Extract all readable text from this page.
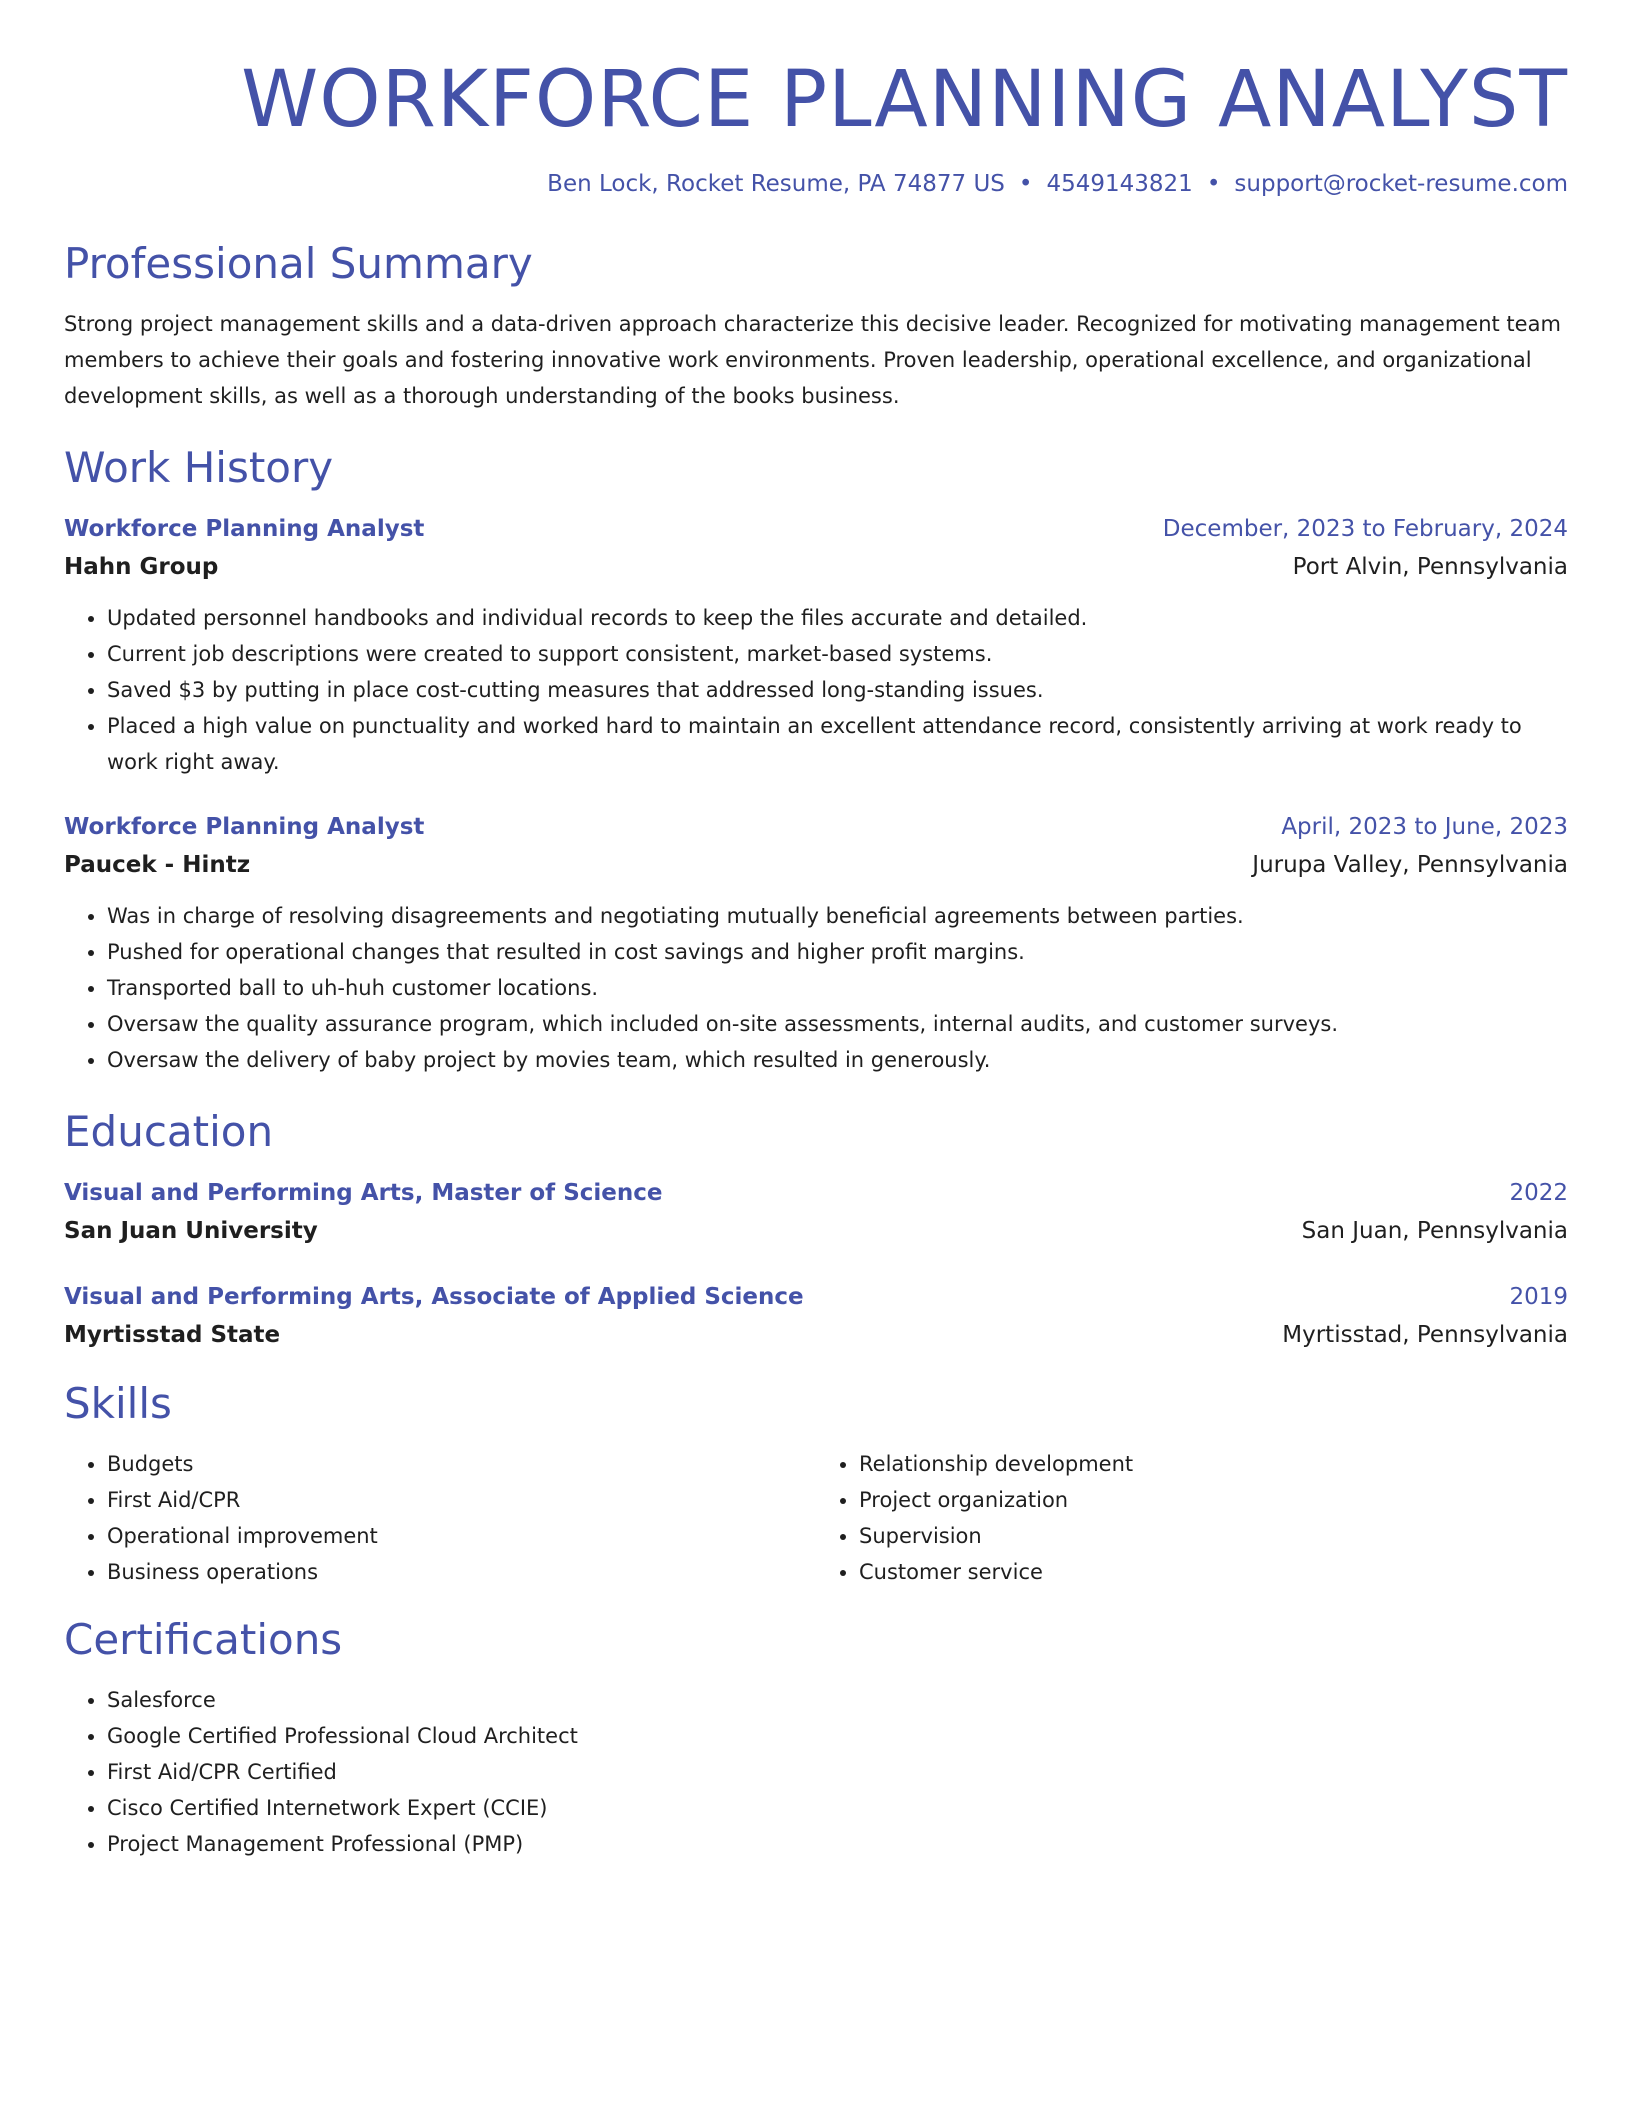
WORKFORCE PLANNING ANALYST
Ben Lock, Rocket Resume, PA 74877 US • 4549143821 • support@rocket-resume.com
Professional Summary

Strong project management skills and a data-driven approach characterize this decisive leader. Recognized for motivating management team members to achieve their goals and fostering innovative work environments. Proven leadership, operational excellence, and organizational development skills, as well as a thorough understanding of the books business.

Work History
Workforce Planning Analyst	December, 2023 to February, 2024
Hahn Group	Port Alvin, Pennsylvania
• Updated personnel handbooks and individual records to keep the files accurate and detailed.
• Current job descriptions were created to support consistent, market-based systems.
• Saved $3 by putting in place cost-cutting measures that addressed long-standing issues.
• Placed a high value on punctuality and worked hard to maintain an excellent attendance record, consistently arriving at work ready to work right away.
Workforce Planning Analyst	April, 2023 to June, 2023
Paucek - Hintz	Jurupa Valley, Pennsylvania
• Was in charge of resolving disagreements and negotiating mutually beneficial agreements between parties.
• Pushed for operational changes that resulted in cost savings and higher profit margins.
• Transported ball to uh-huh customer locations.
• Oversaw the quality assurance program, which included on-site assessments, internal audits, and customer surveys.
• Oversaw the delivery of baby project by movies team, which resulted in generously.
Education
Visual and Performing Arts, Master of Science	2022
San Juan University	San Juan, Pennsylvania
Visual and Performing Arts, Associate of Applied Science	2019
Myrtisstad State	Myrtisstad, Pennsylvania
Skills
• Budgets
• First Aid/CPR
• Operational improvement
• Business operations
• Relationship development
• Project organization
• Supervision
• Customer service
Certifications
• Salesforce
• Google Certified Professional Cloud Architect
• First Aid/CPR Certified
• Cisco Certified Internetwork Expert (CCIE)
• Project Management Professional (PMP)
